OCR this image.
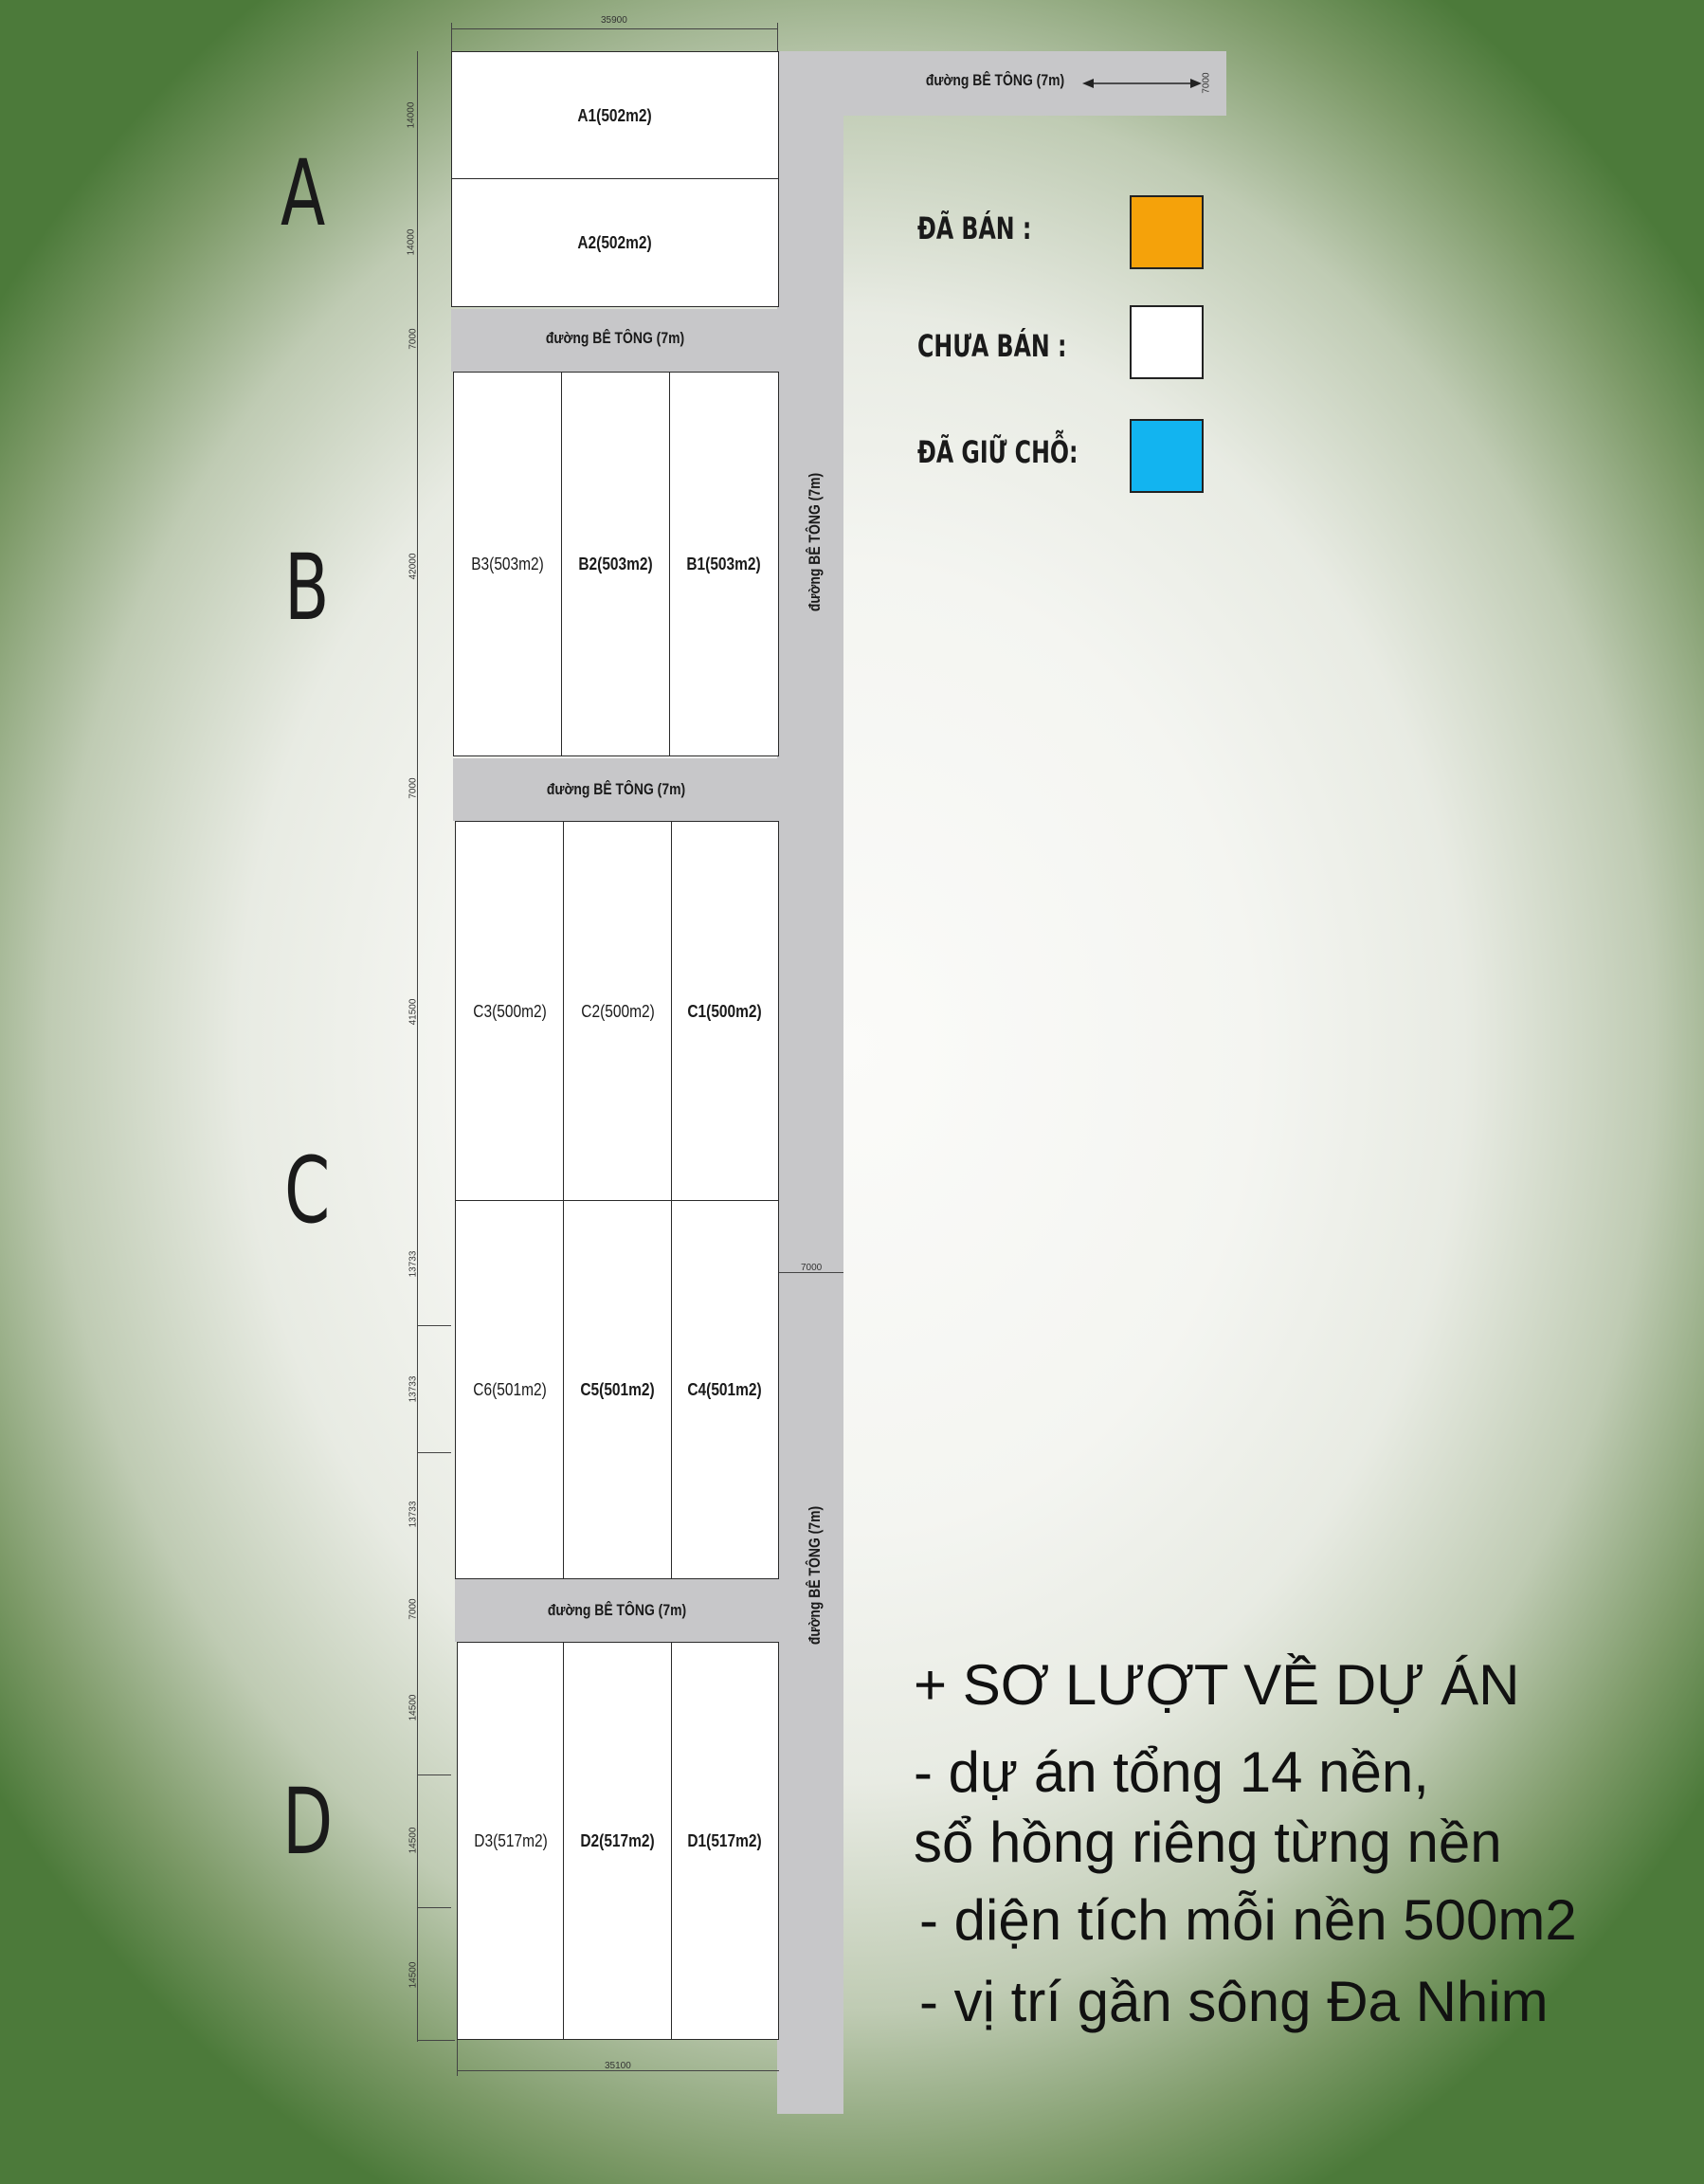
đường BÊ TÔNG (7m)	7000
đường BÊ TÔNG (7m)
đường BÊ TÔNG (7m)
7000
35900
A1(502m2)
A2(502m2)
14000
14000
A
đường BÊ TÔNG (7m)
7000
B3(503m2) B2(503m2) B1(503m2)
42000
B
đường BÊ TÔNG (7m)
7000
C3(500m2) C2(500m2) C1(500m2)
41500
C
C6(501m2) C5(501m2) C4(501m2)
13733
13733
13733
đường BÊ TÔNG (7m)
7000
D3(517m2) D2(517m2) D1(517m2)
14500
14500
14500
D
35100
ĐÃ BÁN :
CHƯA BÁN :
ĐÃ GIỮ CHỖ:
+ SƠ LƯỢT VỀ DỰ ÁN
- dự án tổng 14 nền,
sổ hồng riêng từng nền
- diện tích mỗi nền 500m2
- vị trí gần sông Đa Nhim
